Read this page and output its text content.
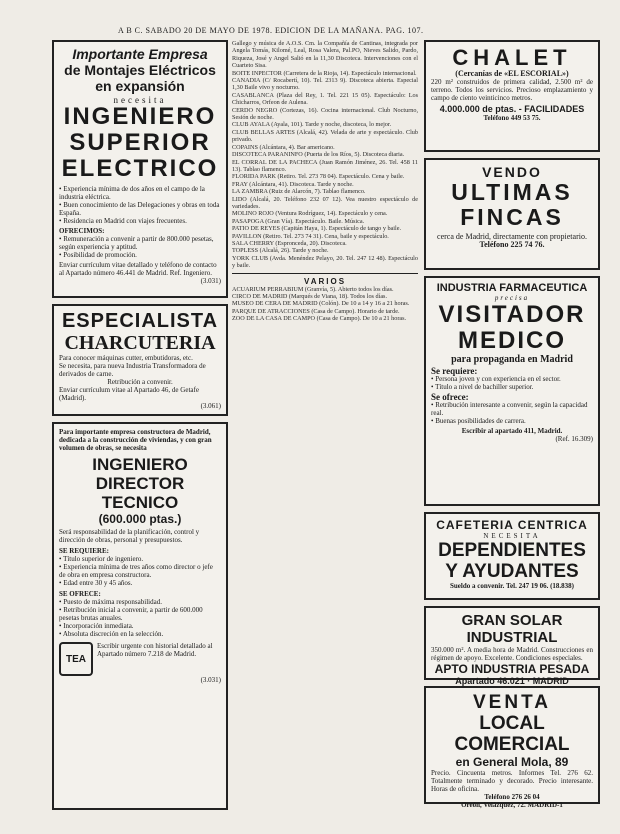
A B C. SABADO 20 DE MAYO DE 1978. EDICION DE LA MAÑANA. PAG. 107.
Importante Empresa
de Montajes Eléctricos
en expansión
necesita
INGENIERO
SUPERIOR
ELECTRICO
• Experiencia mínima de dos años en el campo de la industria eléctrica.
• Buen conocimiento de las Delegaciones y obras en toda España.
• Residencia en Madrid con viajes frecuentes.
OFRECIMOS:
• Remuneración a convenir a partir de 800.000 pesetas, según experiencia y aptitud.
• Posibilidad de promoción.
Enviar currículum vitae detallado y teléfono de contacto al Apartado número 46.441 de Madrid. Ref. Ingeniero.
(3.031)
ESPECIALISTA
CHARCUTERIA
Para conocer máquinas cutter, embutidoras, etc.
Se necesita, para nueva Industria Transformadora de derivados de carne.
Retribución a convenir.
Enviar currículum vitae al Apartado 46, de Getafe (Madrid).
(3.061)
Para importante empresa constructora de Madrid, dedicada a la construcción de viviendas, y con gran volumen de obras, se necesita
INGENIERO DIRECTOR
TECNICO
(600.000 ptas.)
Será responsabilidad de la planificación, control y dirección de obras, personal y presupuestos.
SE REQUIERE:
• Título superior de ingeniero.
• Experiencia mínima de tres años como director o jefe de obra en empresa constructora.
• Edad entre 30 y 45 años.
SE OFRECE:
• Puesto de máxima responsabilidad.
• Retribución inicial a convenir, a partir de 600.000 pesetas brutas anuales.
• Incorporación inmediata.
• Absoluta discreción en la selección.
TEA
Escribir urgente con historial detallado al Apartado número 7.218 de Madrid.
(3.031)
Gallego y música de A.O.S. Cm. la Compañía de Cantinas, integrada por Angela Tomás, Kilomé, Leal, Rosa Valera, Pal.PO, Nieves Salido, Pardo, Riqueza, José y Angel Salió en la 11,30 Discoteca. Intervenciones con el Cuarteto Sisa.
BOITE INPECTOR (Carretera de la Rioja, 14). Espectáculo internacional.
CANADIA (C/ Rocabertí, 10). Tel. 2313 9). Discoteca abierta. Especial 1,30 Baile vivo y nocturno.
CASABLANCA (Plaza del Rey, 1. Tel. 221 15 05). Espectáculo: Los Chicharros, Orfeon de Aulena.
CERDO NEGRO (Cortezas, 16). Cocina internacional. Club Nocturno, Sesión de noche.
CLUB AYALA (Ayala, 101). Tarde y noche, discoteca, lo mejor.
CLUB BELLAS ARTES (Alcalá, 42). Velada de arte y espectáculo. Club privado.
COPAINS (Alcántara, 4). Bar americano.
DISCOTECA PARANINFO (Puerta de los Ríos, 5). Discoteca diaria.
EL CORRAL DE LA PACHECA (Juan Ramón Jiménez, 26. Tel. 458 11 13). Tablao flamenco.
FLORIDA PARK (Retiro. Tel. 273 78 04). Espectáculo. Cena y baile.
FRAY (Alcántara, 41). Discoteca. Tarde y noche.
LA ZAMBRA (Ruiz de Alarcón, 7). Tablao flamenco.
LIDO (Alcalá, 20. Teléfono 232 07 12). Vea nuestro espectáculo de variedades.
MOLINO ROJO (Ventura Rodríguez, 14). Espectáculo y cena.
PASAPOGA (Gran Vía). Espectáculo. Baile. Música.
PATIO DE REYES (Capitán Haya, 1). Espectáculo de tango y baile.
PAVILLON (Retiro. Tel. 273 74 31). Cena, baile y espectáculo.
SALA CHERRY (Espronceda, 20). Discoteca.
TOPLESS (Alcalá, 26). Tarde y noche.
YORK CLUB (Avda. Menéndez Pelayo, 20. Tel. 247 12 48). Espectáculo y baile.
VARIOS
ACUARIUM PERRABIUM (Granvía, 5). Abierto todos los días.
CIRCO DE MADRID (Marqués de Viana, 18). Todos los días.
MUSEO DE CERA DE MADRID (Colón). De 10 a 14 y 16 a 21 horas.
PARQUE DE ATRACCIONES (Casa de Campo). Horario de tarde.
ZOO DE LA CASA DE CAMPO (Casa de Campo). De 10 a 21 horas.
CHALET
(Cercanías de «EL ESCORIAL»)
220 m² construidos de primera calidad, 2.500 m² de terreno. Todos los servicios. Precioso emplazamiento y campo de ciento veinticinco metros.
4.000.000 de ptas. - FACILIDADES
Teléfono 449 53 75.
VENDO
ULTIMAS
FINCAS
cerca de Madrid, directamente con propietario.
Teléfono 225 74 76.
INDUSTRIA FARMACEUTICA
precisa
VISITADOR
MEDICO
para propaganda en Madrid
Se requiere:
• Persona joven y con experiencia en el sector.
• Título a nivel de bachiller superior.
Se ofrece:
• Retribución interesante a convenir, según la capacidad real.
• Buenas posibilidades de carrera.
Escribir al apartado 411, Madrid.
(Ref. 16.309)
CAFETERIA CENTRICA
NECESITA
DEPENDIENTES
Y AYUDANTES
Sueldo a convenir. Tel. 247 19 06. (18.838)
GRAN SOLAR INDUSTRIAL
350.000 m². A media hora de Madrid. Construcciones en régimen de apoyo. Excelente. Condiciones especiales.
APTO INDUSTRIA PESADA
Apartado 46.021 · MADRID
VENTA
LOCAL COMERCIAL
en General Mola, 89
Precio. Cincuenta metros. Informes Tel. 276 62. Totalmente terminado y decorado. Precio interesante. Horas de oficina.
Teléfono 276 26 04
Oreón, Velázquez, 72. MADRID-1
